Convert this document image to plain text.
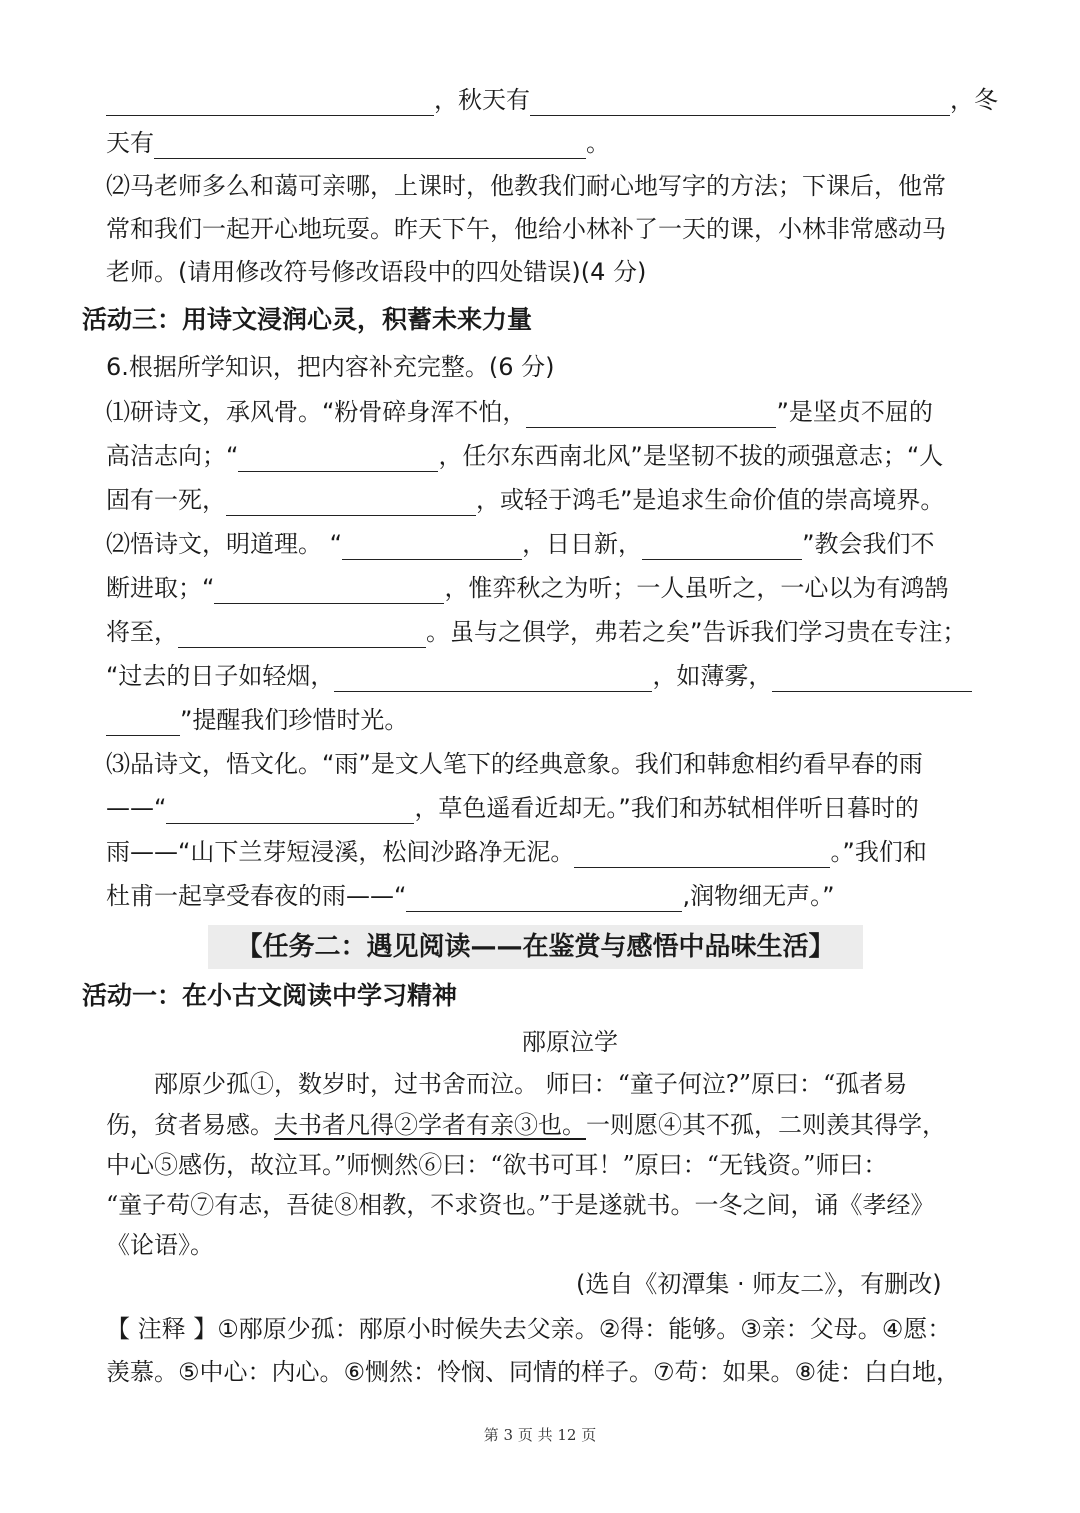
，秋天有	，冬
天有	。
⑵马老师多么和蔼可亲哪，上课时，他教我们耐心地写字的方法；下课后，他常
常和我们一起开心地玩耍。昨天下午，他给小林补了一天的课，小林非常感动马
老师。(请用修改符号修改语段中的四处错误)(4 分)
活动三：用诗文浸润心灵，积蓄未来力量
6.根据所学知识，把内容补充完整。(6 分)
⑴研诗文，承风骨。“粉骨碎身浑不怕，	”是坚贞不屈的
高洁志向；“	，任尔东西南北风”是坚韧不拔的顽强意志；“人
固有一死，	，或轻于鸿毛”是追求生命价值的崇高境界。
⑵悟诗文，明道理。 “	，日日新，	”教会我们不
断进取；“	，惟弈秋之为听；一人虽听之，一心以为有鸿鹄
将至，	。虽与之俱学，弗若之矣”告诉我们学习贵在专注；
“过去的日子如轻烟，	，如薄雾，
”提醒我们珍惜时光。
⑶品诗文，悟文化。“雨”是文人笔下的经典意象。我们和韩愈相约看早春的雨
——“	，草色遥看近却无。”我们和苏轼相伴听日暮时的
雨——“山下兰芽短浸溪，松间沙路净无泥。	。”我们和
杜甫一起享受春夜的雨——“	,润物细无声。”
【任务二：遇见阅读——在鉴赏与感悟中品味生活】
活动一：在小古文阅读中学习精神
邴原泣学
邴原少孤①，数岁时，过书舍而泣。 师曰：“童子何泣?”原曰：“孤者易
伤，贫者易感。夫书者凡得②学者有亲③也。一则愿④其不孤，二则羡其得学，
中心⑤感伤，故泣耳。”师恻然⑥曰：“欲书可耳！”原曰：“无钱资。”师曰：
“童子苟⑦有志，吾徒⑧相教，不求资也。”于是遂就书。一冬之间，诵《孝经》
《论语》。
(选自《初潭集 · 师友二》，有删改)
【 注释 】①邴原少孤：邴原小时候失去父亲。②得：能够。③亲：父母。④愿：
羡慕。⑤中心：内心。⑥恻然：怜悯、同情的样子。⑦苟：如果。⑧徒：白白地，
第 3 页 共 12 页
